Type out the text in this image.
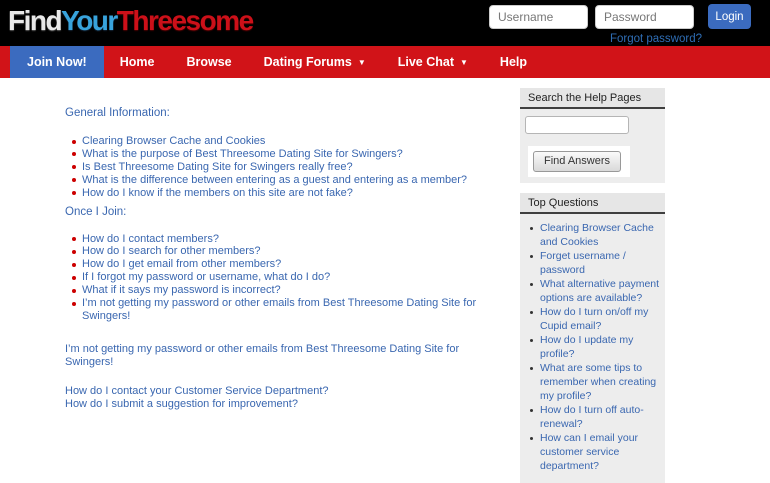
FindYourThreesome
Username	Login
Forgot password?
Join Now!	Home	Browse	Dating Forums ▼	Live Chat ▼	Help
General Information:
Clearing Browser Cache and Cookies
What is the purpose of Best Threesome Dating Site for Swingers?
Is Best Threesome Dating Site for Swingers really free?
What is the difference between entering as a guest and entering as a member?
How do I know if the members on this site are not fake?
Once I Join:
How do I contact members?
How do I search for other members?
How do I get email from other members?
If I forgot my password or username, what do I do?
What if it says my password is incorrect?
I’m not getting my password or other emails from Best Threesome Dating Site for Swingers!
I’m not getting my password or other emails from Best Threesome Dating Site for Swingers!
How do I contact your Customer Service Department?
How do I submit a suggestion for improvement?
Search the Help Pages
Find Answers
Top Questions
Clearing Browser Cache and Cookies
Forget username / password
What alternative payment options are available?
How do I turn on/off my Cupid email?
How do I update my profile?
What are some tips to remember when creating my profile?
How do I turn off auto-renewal?
How can I email your customer service department?
